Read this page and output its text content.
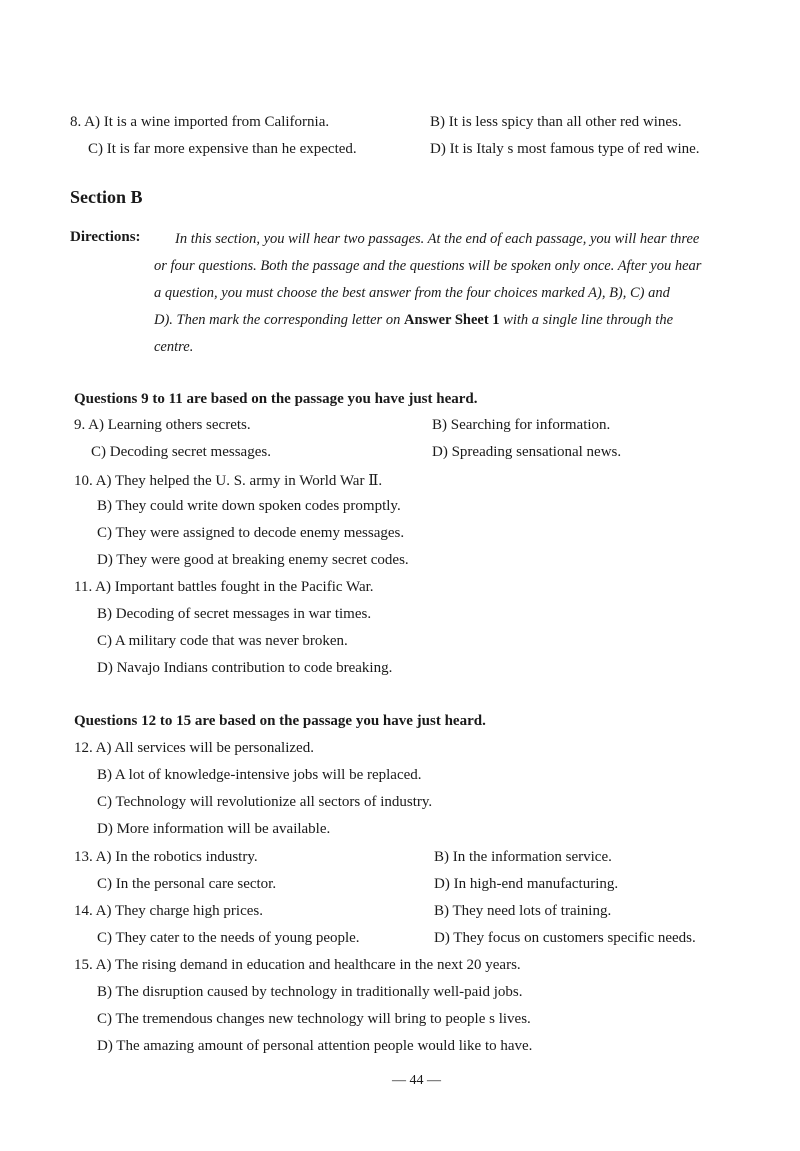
8. A) It is a wine imported from California.	B) It is less spicy than all other red wines.
C) It is far more expensive than he expected.	D) It is Italy s most famous type of red wine.
Section B
Directions: In this section, you will hear two passages. At the end of each passage, you will hear three
or four questions. Both the passage and the questions will be spoken only once. After you hear
a question, you must choose the best answer from the four choices marked A), B), C) and
D). Then mark the corresponding letter on Answer Sheet 1 with a single line through the
centre.
Questions 9 to 11 are based on the passage you have just heard.
9. A) Learning others secrets.	B) Searching for information.
C) Decoding secret messages.	D) Spreading sensational news.
10. A) They helped the U. S. army in World War Ⅱ.
B) They could write down spoken codes promptly.
C) They were assigned to decode enemy messages.
D) They were good at breaking enemy secret codes.
11. A) Important battles fought in the Pacific War.
B) Decoding of secret messages in war times.
C) A military code that was never broken.
D) Navajo Indians contribution to code breaking.
Questions 12 to 15 are based on the passage you have just heard.
12. A) All services will be personalized.
B) A lot of knowledge-intensive jobs will be replaced.
C) Technology will revolutionize all sectors of industry.
D) More information will be available.
13. A) In the robotics industry.	B) In the information service.
C) In the personal care sector.	D) In high-end manufacturing.
14. A) They charge high prices.	B) They need lots of training.
C) They cater to the needs of young people.	D) They focus on customers specific needs.
15. A) The rising demand in education and healthcare in the next 20 years.
B) The disruption caused by technology in traditionally well-paid jobs.
C) The tremendous changes new technology will bring to people s lives.
D) The amazing amount of personal attention people would like to have.
— 44 —
